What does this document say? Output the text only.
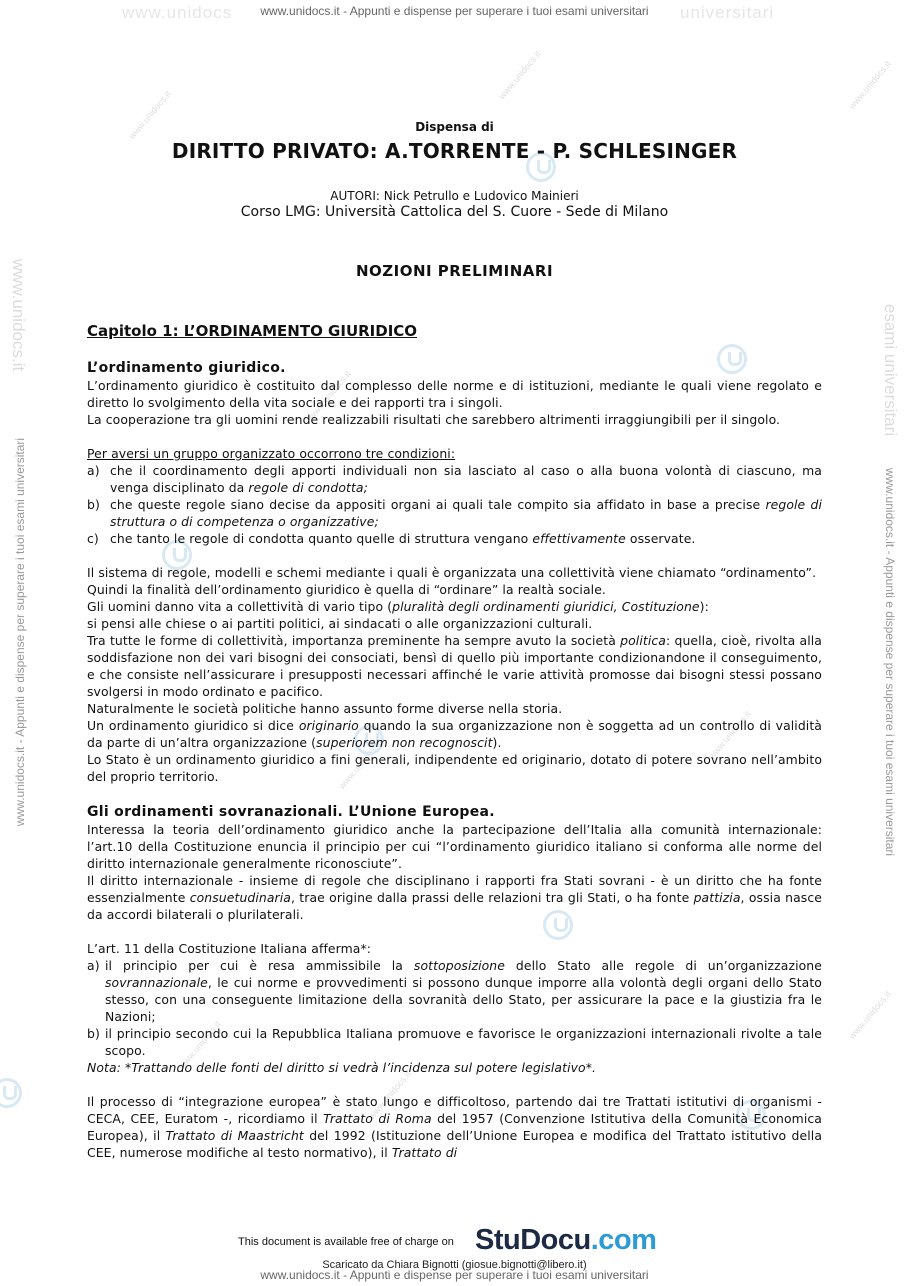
www.unidocs	universitari
www.unidocs.it - Appunti e dispense per superare i tuoi esami universitari
www.unidocs.it - Appunti e dispense per superare i tuoi esami universitari
www.unidocs.it
www.unidocs.it - Appunti e dispense per superare i tuoi esami universitari
esami universitari
www.unidocs.it
www.unidocs.it	www.unidocs.it
www.unidocs.it
www.unidocs.it
www.unidocs.it
www.unidocs.it
www.unidocs.it
www.unidocs.it
Dispensa di
DIRITTO PRIVATO: A.TORRENTE - P. SCHLESINGER
AUTORI: Nick Petrullo e Ludovico Mainieri
Corso LMG: Università Cattolica del S. Cuore - Sede di Milano
NOZIONI PRELIMINARI

Capitolo 1: L’ORDINAMENTO GIURIDICO

L’ordinamento giuridico.

L’ordinamento giuridico è costituito dal complesso delle norme e di istituzioni, mediante le quali viene regolato e diretto lo svolgimento della vita sociale e dei rapporti tra i singoli.

La cooperazione tra gli uomini rende realizzabili risultati che sarebbero altrimenti irraggiungibili per il singolo.

Per aversi un gruppo organizzato occorrono tre condizioni:

a) che il coordinamento degli apporti individuali non sia lasciato al caso o alla buona volontà di ciascuno, ma venga disciplinato da regole di condotta;

b) che queste regole siano decise da appositi organi ai quali tale compito sia affidato in base a precise regole di struttura o di competenza o organizzative;

c) che tanto le regole di condotta quanto quelle di struttura vengano effettivamente osservate.

Il sistema di regole, modelli e schemi mediante i quali è organizzata una collettività viene chiamato “ordinamento”.

Quindi la finalità dell’ordinamento giuridico è quella di “ordinare” la realtà sociale.

Gli uomini danno vita a collettività di vario tipo (pluralità degli ordinamenti giuridici, Costituzione):

si pensi alle chiese o ai partiti politici, ai sindacati o alle organizzazioni culturali.

Tra tutte le forme di collettività, importanza preminente ha sempre avuto la società politica: quella, cioè, rivolta alla soddisfazione non dei vari bisogni dei consociati, bensì di quello più importante condizionandone il conseguimento, e che consiste nell’assicurare i presupposti necessari affinché le varie attività promosse dai bisogni stessi possano svolgersi in modo ordinato e pacifico.

Naturalmente le società politiche hanno assunto forme diverse nella storia.

Un ordinamento giuridico si dice originario quando la sua organizzazione non è soggetta ad un controllo di validità da parte di un’altra organizzazione (superiorem non recognoscit).

Lo Stato è un ordinamento giuridico a fini generali, indipendente ed originario, dotato di potere sovrano nell’ambito del proprio territorio.

Gli ordinamenti sovranazionali. L’Unione Europea.

Interessa la teoria dell’ordinamento giuridico anche la partecipazione dell’Italia alla comunità internazionale: l’art.10 della Costituzione enuncia il principio per cui “l’ordinamento giuridico italiano si conforma alle norme del diritto internazionale generalmente riconosciute”.

Il diritto internazionale - insieme di regole che disciplinano i rapporti fra Stati sovrani - è un diritto che ha fonte essenzialmente consuetudinaria, trae origine dalla prassi delle relazioni tra gli Stati, o ha fonte pattizia, ossia nasce da accordi bilaterali o plurilaterali.

L’art. 11 della Costituzione Italiana afferma*:

a) il principio per cui è resa ammissibile la sottoposizione dello Stato alle regole di un’organizzazione sovrannazionale, le cui norme e provvedimenti si possono dunque imporre alla volontà degli organi dello Stato stesso, con una conseguente limitazione della sovranità dello Stato, per assicurare la pace e la giustizia fra le Nazioni;

b) il principio secondo cui la Repubblica Italiana promuove e favorisce le organizzazioni internazionali rivolte a tale scopo.

Nota: *Trattando delle fonti del diritto si vedrà l’incidenza sul potere legislativo*.

Il processo di “integrazione europea” è stato lungo e difficoltoso, partendo dai tre Trattati istitutivi di organismi - CECA, CEE, Euratom -, ricordiamo il Trattato di Roma del 1957 (Convenzione Istitutiva della Comunità Economica Europea), il Trattato di Maastricht del 1992 (Istituzione dell’Unione Europea e modifica del Trattato istitutivo della CEE, numerose modifiche al testo normativo), il Trattato di

This document is available free of charge on StuDocu.com
Scaricato da Chiara Bignotti (giosue.bignotti@libero.it)
www.unidocs.it - Appunti e dispense per superare i tuoi esami universitari
